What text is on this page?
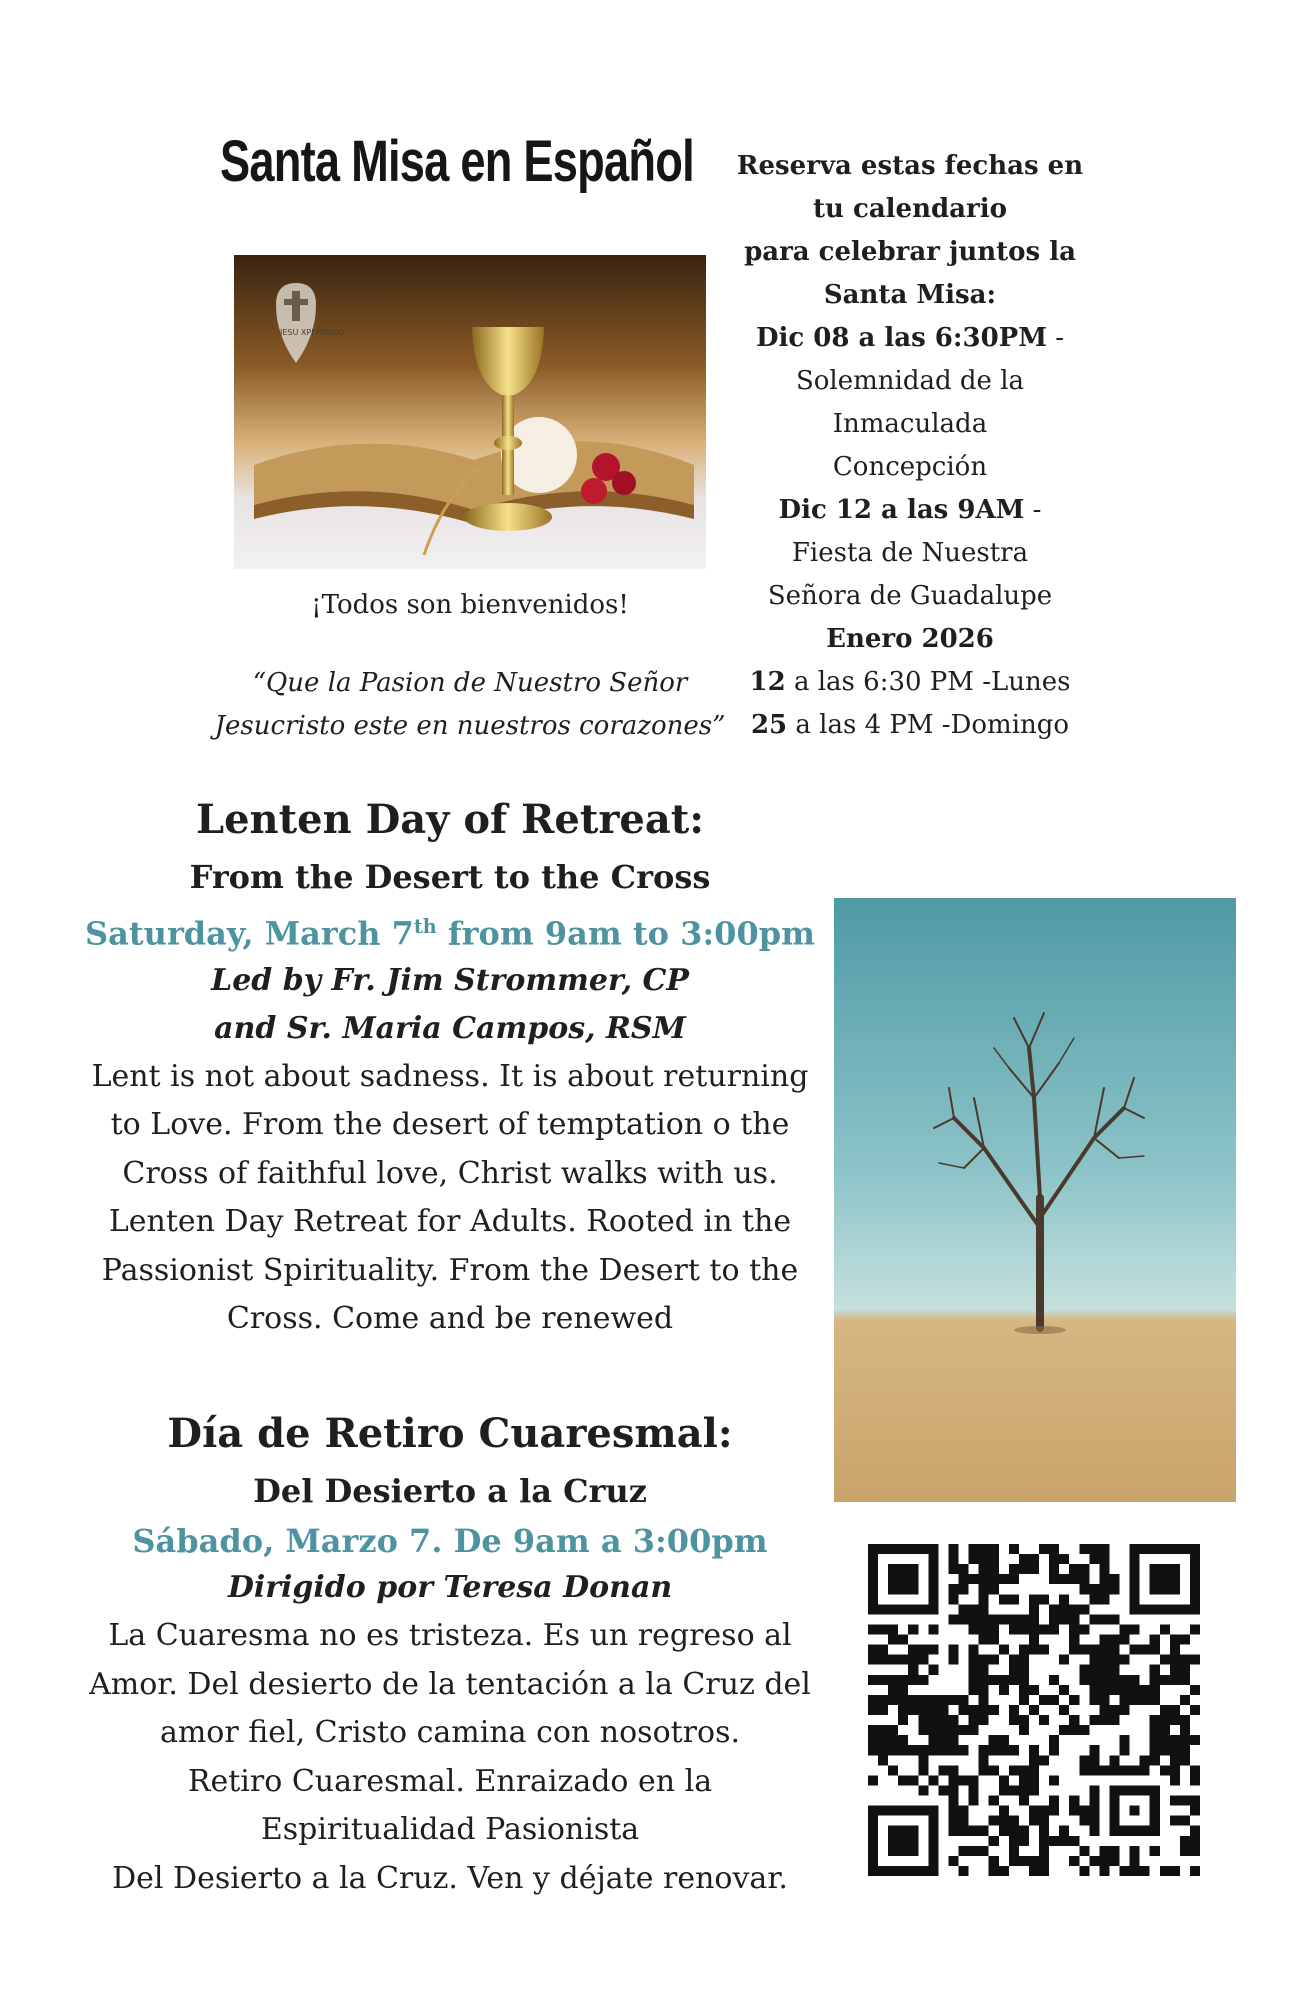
Santa Misa en Español
JESU XPI PASSIO
¡Todos son bienvenidos!
“Que la Pasion de Nuestro Señor
Jesucristo este en nuestros corazones”
Reserva estas fechas en
tu calendario
para celebrar juntos la
Santa Misa:
Dic 08 a las 6:30PM -
Solemnidad de la
Inmaculada
Concepción
Dic 12 a las 9AM -
Fiesta de Nuestra
Señora de Guadalupe
Enero 2026
12 a las 6:30 PM -Lunes
25 a las 4 PM -Domingo
Lenten Day of Retreat:
From the Desert to the Cross
Saturday, March 7th from 9am to 3:00pm
Led by Fr. Jim Strommer, CP
and Sr. Maria Campos, RSM
Lent is not about sadness. It is about returning
to Love. From the desert of temptation o the
Cross of faithful love, Christ walks with us.
Lenten Day Retreat for Adults. Rooted in the
Passionist Spirituality. From the Desert to the
Cross. Come and be renewed
Día de Retiro Cuaresmal:
Del Desierto a la Cruz
Sábado, Marzo 7. De 9am a 3:00pm
Dirigido por Teresa Donan
La Cuaresma no es tristeza. Es un regreso al
Amor. Del desierto de la tentación a la Cruz del
amor fiel, Cristo camina con nosotros.
Retiro Cuaresmal. Enraizado en la
Espiritualidad Pasionista
Del Desierto a la Cruz. Ven y déjate renovar.
